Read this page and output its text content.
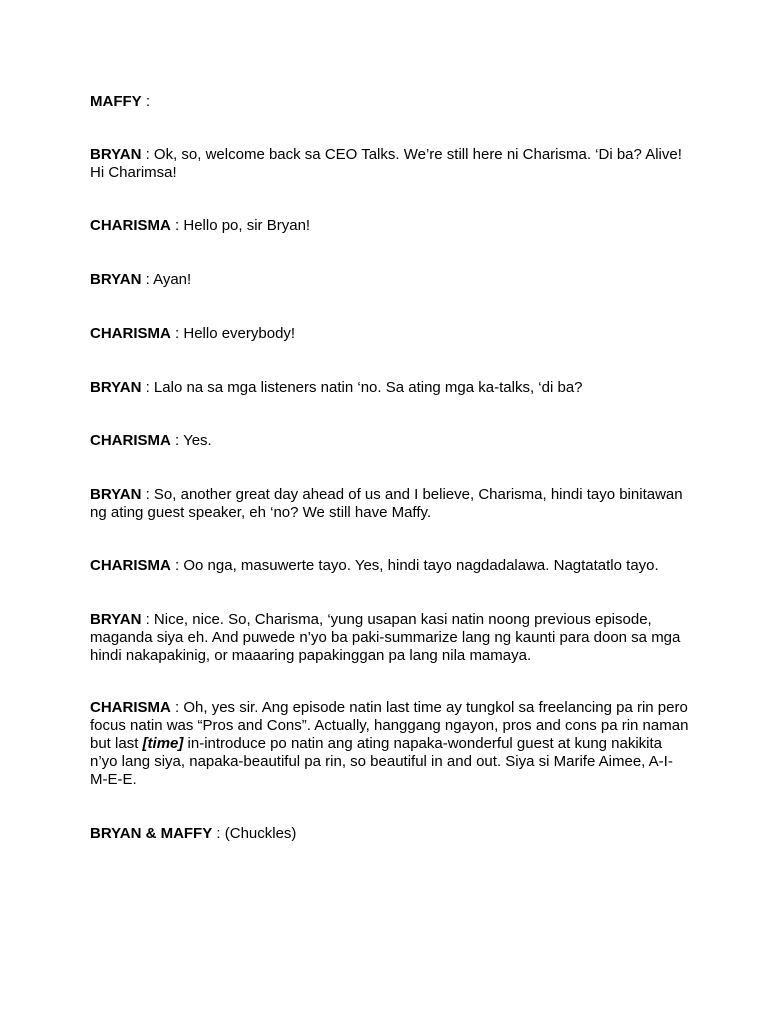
MAFFY :

BRYAN : Ok, so, welcome back sa CEO Talks. We’re still here ni Charisma. ‘Di ba? Alive! Hi Charimsa!

CHARISMA : Hello po, sir Bryan!

BRYAN : Ayan!

CHARISMA : Hello everybody!

BRYAN : Lalo na sa mga listeners natin ‘no. Sa ating mga ka-talks, ‘di ba?

CHARISMA : Yes.

BRYAN : So, another great day ahead of us and I believe, Charisma, hindi tayo binitawan ng ating guest speaker, eh ‘no? We still have Maffy.

CHARISMA : Oo nga, masuwerte tayo. Yes, hindi tayo nagdadalawa. Nagtatatlo tayo.

BRYAN : Nice, nice. So, Charisma, ‘yung usapan kasi natin noong previous episode, maganda siya eh. And puwede n’yo ba paki-summarize lang ng kaunti para doon sa mga hindi nakapakinig, or maaaring papakinggan pa lang nila mamaya.

CHARISMA : Oh, yes sir. Ang episode natin last time ay tungkol sa freelancing pa rin pero focus natin was “Pros and Cons”. Actually, hanggang ngayon, pros and cons pa rin naman but last [time] in-introduce po natin ang ating napaka-wonderful guest at kung nakikita n’yo lang siya, napaka-beautiful pa rin, so beautiful in and out. Siya si Marife Aimee, A-I-M-E-E.

BRYAN & MAFFY : (Chuckles)
